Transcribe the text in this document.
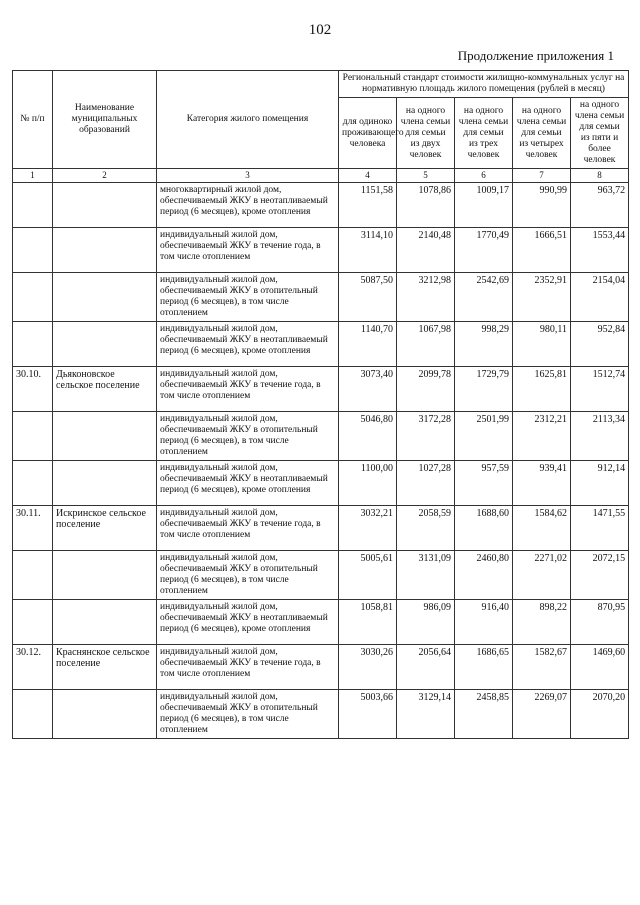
102
Продолжение приложения 1
№ п/п	Наименование муниципальных образований	Категория жилого помещения	Региональный стандарт стоимости жилищно-коммунальных услуг на нормативную площадь жилого помещения (рублей в месяц)				
			для одиноко проживающего человека	на одного члена семьи для семьи из двух человек	на одного члена семьи для семьи из трех человек	на одного члена семьи для семьи из четырех человек	на одного члена семьи для семьи из пяти и более человек
1	2	3	4	5	6	7	8
		многоквартирный жилой дом, обеспечиваемый ЖКУ в неотапливаемый период (6 месяцев), кроме отопления	1151,58	1078,86	1009,17	990,99	963,72
		индивидуальный жилой дом, обеспечиваемый ЖКУ в течение года, в том числе отоплением	3114,10	2140,48	1770,49	1666,51	1553,44
		индивидуальный жилой дом, обеспечиваемый ЖКУ в отопительный период (6 месяцев), в том числе отоплением	5087,50	3212,98	2542,69	2352,91	2154,04
		индивидуальный жилой дом, обеспечиваемый ЖКУ в неотапливаемый период (6 месяцев), кроме отопления	1140,70	1067,98	998,29	980,11	952,84
30.10.	Дьяконовское сельское поселение	индивидуальный жилой дом, обеспечиваемый ЖКУ в течение года, в том числе отоплением	3073,40	2099,78	1729,79	1625,81	1512,74
		индивидуальный жилой дом, обеспечиваемый ЖКУ в отопительный период (6 месяцев), в том числе отоплением	5046,80	3172,28	2501,99	2312,21	2113,34
		индивидуальный жилой дом, обеспечиваемый ЖКУ в неотапливаемый период (6 месяцев), кроме отопления	1100,00	1027,28	957,59	939,41	912,14
30.11.	Искринское сельское поселение	индивидуальный жилой дом, обеспечиваемый ЖКУ в течение года, в том числе отоплением	3032,21	2058,59	1688,60	1584,62	1471,55
		индивидуальный жилой дом, обеспечиваемый ЖКУ в отопительный период (6 месяцев), в том числе отоплением	5005,61	3131,09	2460,80	2271,02	2072,15
		индивидуальный жилой дом, обеспечиваемый ЖКУ в неотапливаемый период (6 месяцев), кроме отопления	1058,81	986,09	916,40	898,22	870,95
30.12.	Краснянское сельское поселение	индивидуальный жилой дом, обеспечиваемый ЖКУ в течение года, в том числе отоплением	3030,26	2056,64	1686,65	1582,67	1469,60
		индивидуальный жилой дом, обеспечиваемый ЖКУ в отопительный период (6 месяцев), в том числе отоплением	5003,66	3129,14	2458,85	2269,07	2070,20
